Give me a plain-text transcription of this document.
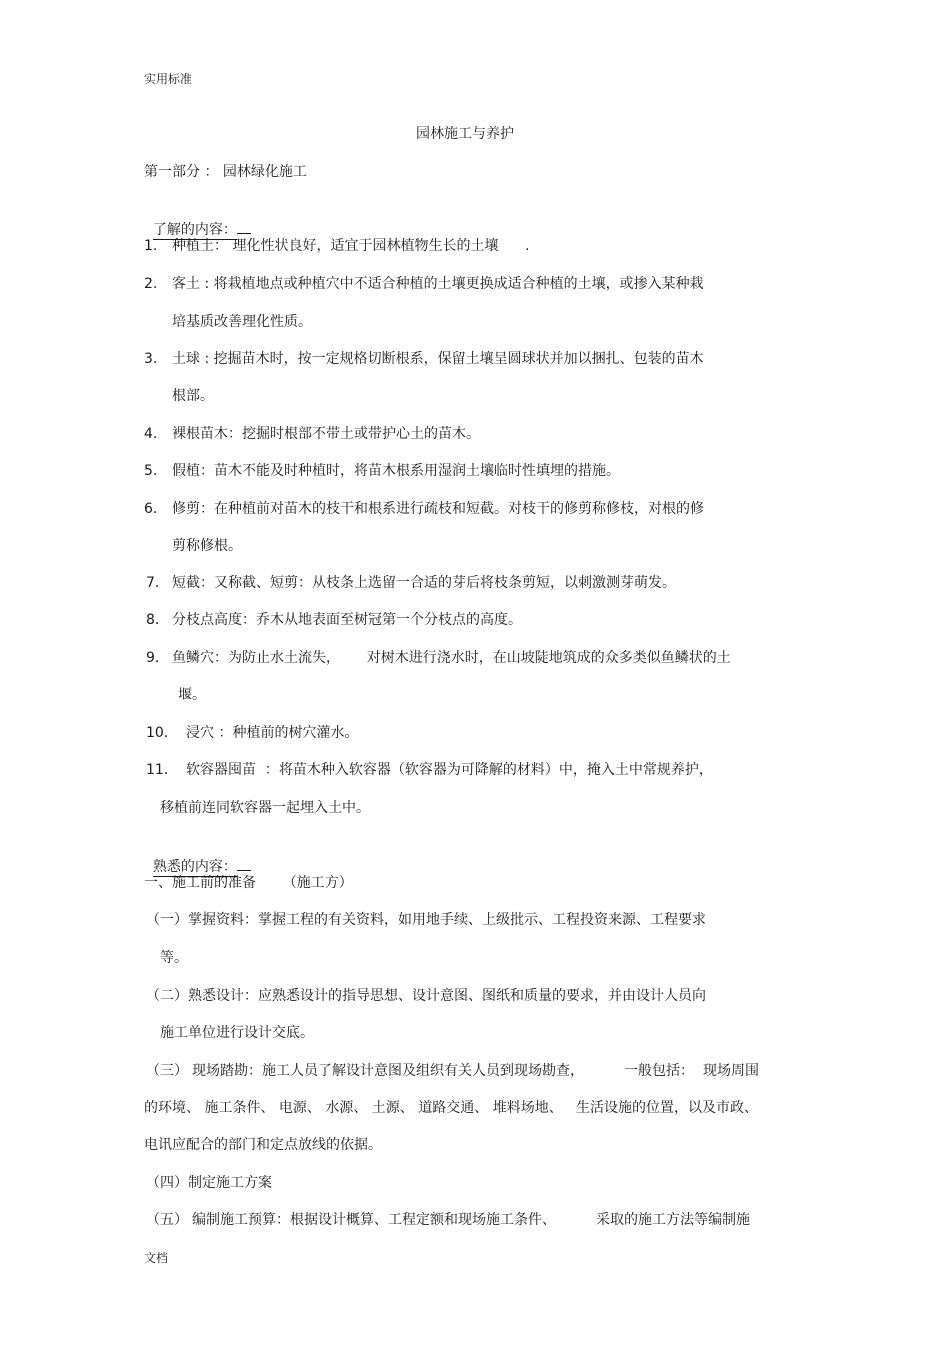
实用标准
园林施工与养护
第一部分 ： 园林绿化施工

了解的内容：

1. 种植土： 理化性状良好，适宜于园林植物生长的土壤      .
2. 客土 : 将栽植地点或种植穴中不适合种植的土壤更换成适合种植的土壤，或掺入某种栽
培基质改善理化性质。
3. 土球 : 挖掘苗木时，按一定规格切断根系，保留土壤呈圆球状并加以捆扎、包装的苗木
根部。
4. 裸根苗木：挖掘时根部不带土或带护心土的苗木。
5. 假植：苗木不能及时种植时，将苗木根系用湿润土壤临时性填埋的措施。
6. 修剪：在种植前对苗木的枝干和根系进行疏枝和短截。对枝干的修剪称修枝，对根的修
剪称修根。
7． 短截：又称截、短剪：从枝条上选留一合适的芽后将枝条剪短，以刺激测芽萌发。
8． 分枝点高度：乔木从地表面至树冠第一个分枝点的高度。
9． 鱼鳞穴：为防止水土流失，      对树木进行浇水时，在山坡陡地筑成的众多类似鱼鳞状的土
堰。
10． 浸穴 ：种植前的树穴灌水。
11． 软容器囤苗  ：将苗木种入软容器（软容器为可降解的材料）中，掩入土中常规养护，
移植前连同软容器一起埋入土中。

熟悉的内容：

一、施工前的准备      （施工方）
（一） 掌握资料：掌握工程的有关资料，如用地手续、上级批示、工程投资来源、工程要求
等。
（二） 熟悉设计：应熟悉设计的指导思想、设计意图、图纸和质量的要求，并由设计人员向
施工单位进行设计交底。
（三） 现场踏勘：施工人员了解设计意图及组织有关人员到现场勘查，         一般包括：  现场周围
的环境、 施工条件、 电源、 水源、 土源、 道路交通、 堆料场地、   生活设施的位置，以及市政、
电讯应配合的部门和定点放线的依据。
（四） 制定施工方案
（五） 编制施工预算：根据设计概算、工程定额和现场施工条件、         采取的施工方法等编制施
文档
